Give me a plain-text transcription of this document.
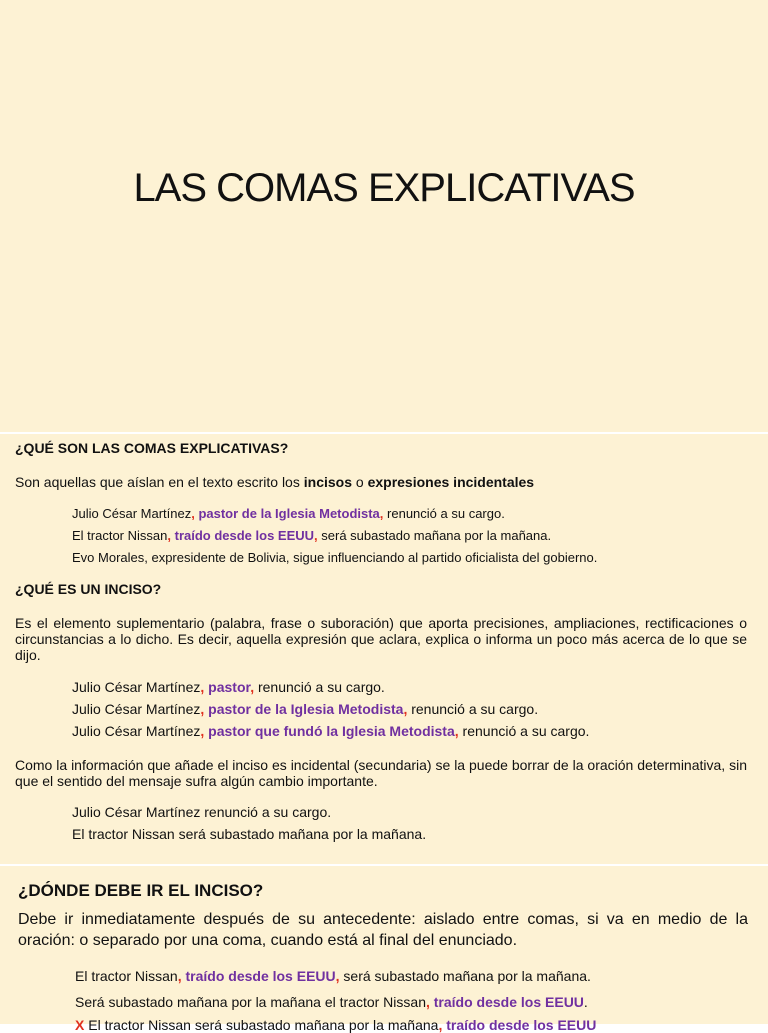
LAS COMAS EXPLICATIVAS
¿QUÉ SON LAS COMAS EXPLICATIVAS?
Son aquellas que aíslan en el texto escrito los incisos o expresiones incidentales
Julio César Martínez, pastor de la Iglesia Metodista, renunció a su cargo.
El tractor Nissan, traído desde los EEUU, será subastado mañana por la mañana.
Evo Morales, expresidente de Bolivia, sigue influenciando al partido oficialista del gobierno.
¿QUÉ ES UN INCISO?
Es el elemento suplementario (palabra, frase o suboración) que aporta precisiones, ampliaciones, rectificaciones o circunstancias a lo dicho. Es decir, aquella expresión que aclara, explica o informa un poco más acerca de lo que se dijo.
Julio César Martínez, pastor, renunció a su cargo.
Julio César Martínez, pastor de la Iglesia Metodista, renunció a su cargo.
Julio César Martínez, pastor que fundó la Iglesia Metodista, renunció a su cargo.
Como la información que añade el inciso es incidental (secundaria) se la puede borrar de la oración determinativa, sin que el sentido del mensaje sufra algún cambio importante.
Julio César Martínez renunció a su cargo.
El tractor Nissan será subastado mañana por la mañana.
¿DÓNDE DEBE IR EL INCISO?
Debe ir inmediatamente después de su antecedente: aislado entre comas, si va en medio de la oración: o separado por una coma, cuando está al final del enunciado.
El tractor Nissan, traído desde los EEUU, será subastado mañana por la mañana.
Será subastado mañana por la mañana el tractor Nissan, traído desde los EEUU.
X El tractor Nissan será subastado mañana por la mañana, traído desde los EEUU
